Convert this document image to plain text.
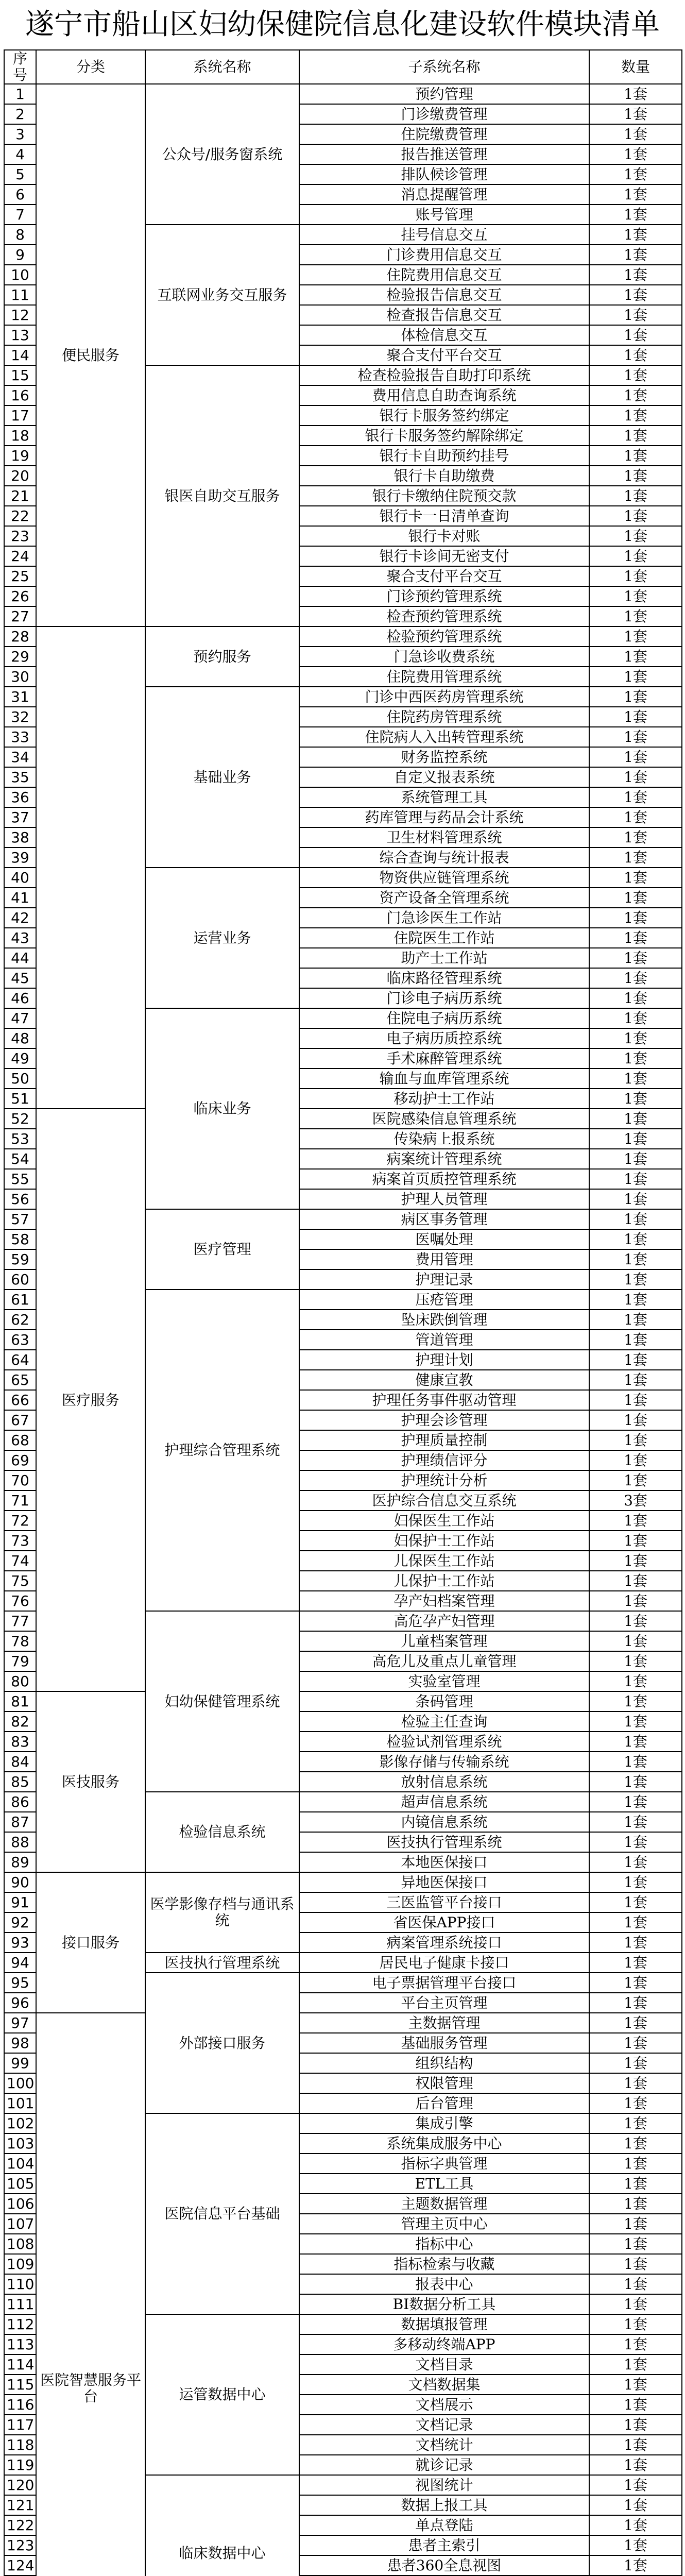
遂宁市船山区妇幼保健院信息化建设软件模块清单
序号	分类	系统名称	子系统名称	数量
1	便民服务	公众号/服务窗系统	预约管理	1套
2			门诊缴费管理	1套
3			住院缴费管理	1套
4			报告推送管理	1套
5			排队候诊管理	1套
6			消息提醒管理	1套
7			账号管理	1套
8		互联网业务交互服务	挂号信息交互	1套
9			门诊费用信息交互	1套
10			住院费用信息交互	1套
11			检验报告信息交互	1套
12			检查报告信息交互	1套
13			体检信息交互	1套
14			聚合支付平台交互	1套
15		银医自助交互服务	检查检验报告自助打印系统	1套
16			费用信息自助查询系统	1套
17			银行卡服务签约绑定	1套
18			银行卡服务签约解除绑定	1套
19			银行卡自助预约挂号	1套
20			银行卡自助缴费	1套
21			银行卡缴纳住院预交款	1套
22			银行卡一日清单查询	1套
23			银行卡对账	1套
24			银行卡诊间无密支付	1套
25			聚合支付平台交互	1套
26			门诊预约管理系统	1套
27			检查预约管理系统	1套
28		预约服务	检验预约管理系统	1套
29			门急诊收费系统	1套
30			住院费用管理系统	1套
31		基础业务	门诊中西医药房管理系统	1套
32			住院药房管理系统	1套
33			住院病人入出转管理系统	1套
34			财务监控系统	1套
35			自定义报表系统	1套
36			系统管理工具	1套
37			药库管理与药品会计系统	1套
38			卫生材料管理系统	1套
39			综合查询与统计报表	1套
40		运营业务	物资供应链管理系统	1套
41			资产设备全管理系统	1套
42			门急诊医生工作站	1套
43			住院医生工作站	1套
44			助产士工作站	1套
45			临床路径管理系统	1套
46			门诊电子病历系统	1套
47		临床业务	住院电子病历系统	1套
48			电子病历质控系统	1套
49			手术麻醉管理系统	1套
50			输血与血库管理系统	1套
51			移动护士工作站	1套
52	医疗服务		医院感染信息管理系统	1套
53			传染病上报系统	1套
54			病案统计管理系统	1套
55			病案首页质控管理系统	1套
56			护理人员管理	1套
57		医疗管理	病区事务管理	1套
58			医嘱处理	1套
59			费用管理	1套
60			护理记录	1套
61		护理综合管理系统	压疮管理	1套
62			坠床跌倒管理	1套
63			管道管理	1套
64			护理计划	1套
65			健康宣教	1套
66			护理任务事件驱动管理	1套
67			护理会诊管理	1套
68			护理质量控制	1套
69			护理绩信评分	1套
70			护理统计分析	1套
71			医护综合信息交互系统	3套
72			妇保医生工作站	1套
73			妇保护士工作站	1套
74			儿保医生工作站	1套
75			儿保护士工作站	1套
76			孕产妇档案管理	1套
77		妇幼保健管理系统	高危孕产妇管理	1套
78			儿童档案管理	1套
79			高危儿及重点儿童管理	1套
80			实验室管理	1套
81	医技服务		条码管理	1套
82			检验主任查询	1套
83			检验试剂管理系统	1套
84			影像存储与传输系统	1套
85			放射信息系统	1套
86		检验信息系统	超声信息系统	1套
87			内镜信息系统	1套
88			医技执行管理系统	1套
89			本地医保接口	1套
90	接口服务	医学影像存档与通讯系统	异地医保接口	1套
91			三医监管平台接口	1套
92			省医保APP接口	1套
93			病案管理系统接口	1套
94		医技执行管理系统	居民电子健康卡接口	1套
95		外部接口服务	电子票据管理平台接口	1套
96			平台主页管理	1套
97	医院智慧服务平台		主数据管理	1套
98			基础服务管理	1套
99			组织结构	1套
100			权限管理	1套
101			后台管理	1套
102		医院信息平台基础	集成引擎	1套
103			系统集成服务中心	1套
104			指标字典管理	1套
105			ETL工具	1套
106			主题数据管理	1套
107			管理主页中心	1套
108			指标中心	1套
109			指标检索与收藏	1套
110			报表中心	1套
111			BI数据分析工具	1套
112		运管数据中心	数据填报管理	1套
113			多移动终端APP	1套
114			文档目录	1套
115			文档数据集	1套
116			文档展示	1套
117			文档记录	1套
118			文档统计	1套
119			就诊记录	1套
120		临床数据中心	视图统计	1套
121			数据上报工具	1套
122			单点登陆	1套
123			患者主索引	1套
124			患者360全息视图	1套
